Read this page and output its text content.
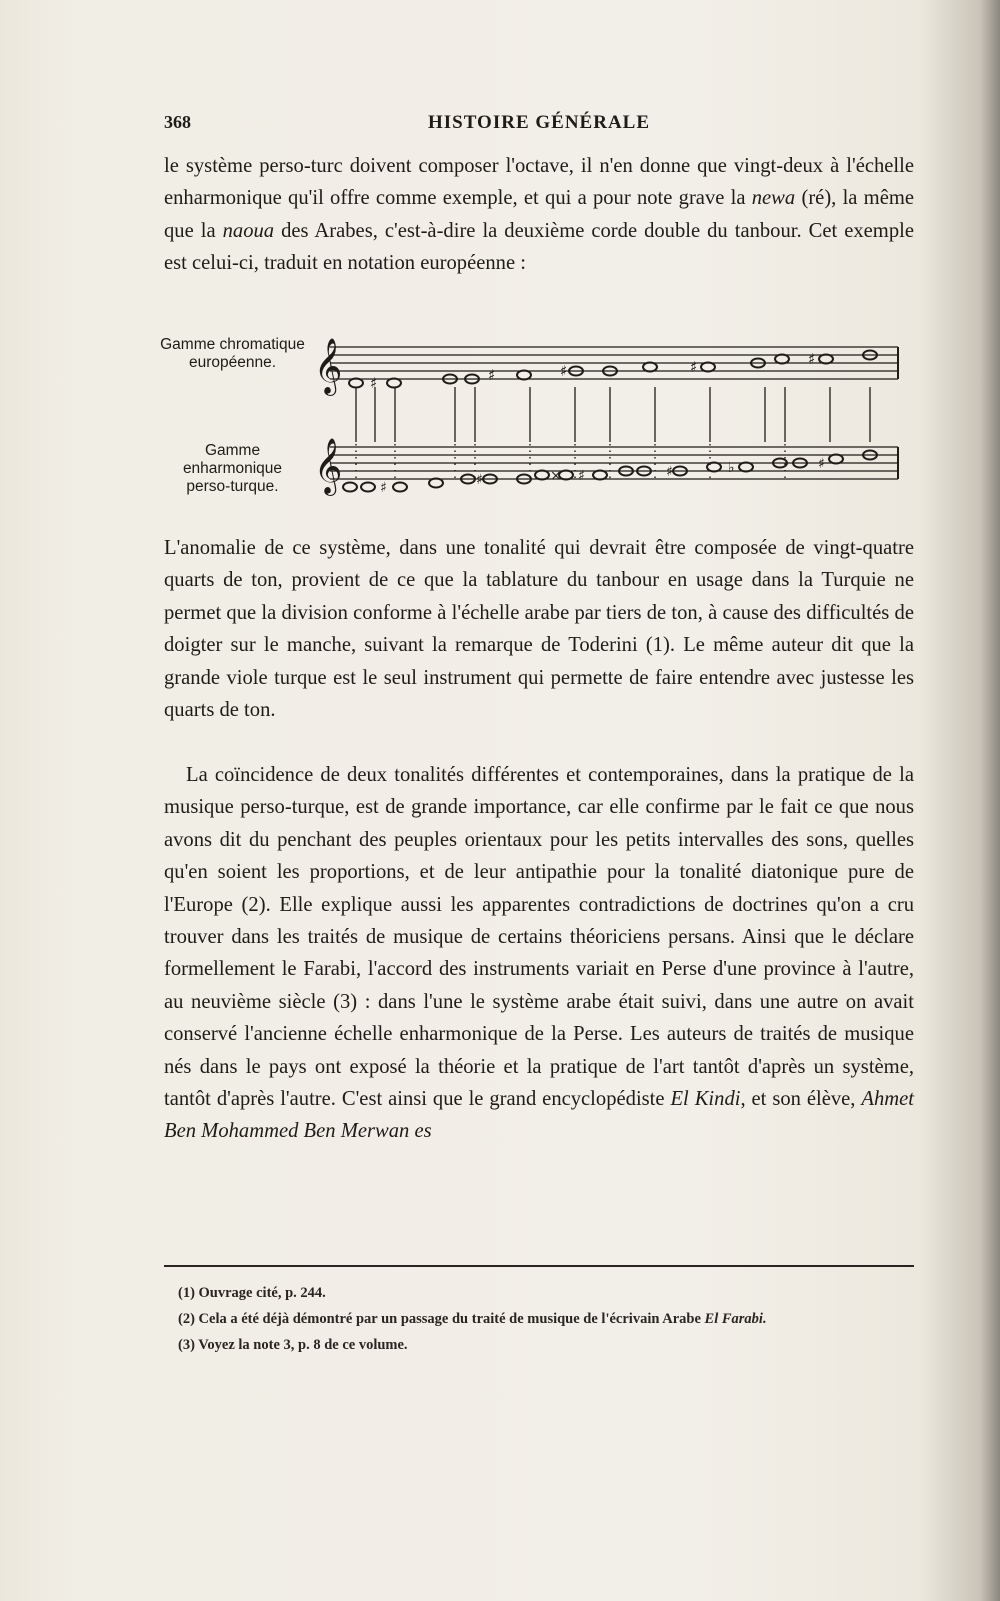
368	HISTOIRE GÉNÉRALE

le système perso-turc doivent composer l'octave, il n'en donne que vingt-deux à l'échelle enharmonique qu'il offre comme exemple, et qui a pour note grave la newa (ré), la même que la naoua des Arabes, c'est-à-dire la deuxième corde double du tanbour. Cet exemple est celui-ci, traduit en notation européenne :

Gamme chromatique européenne.
Gamme enharmonique perso-turque.
𝄞
𝄞
♯	♯	♯	♯	♯
♯	♯	× ♯	♯	♭	♯

L'anomalie de ce système, dans une tonalité qui devrait être composée de vingt-quatre quarts de ton, provient de ce que la tablature du tanbour en usage dans la Turquie ne permet que la division conforme à l'échelle arabe par tiers de ton, à cause des difficultés de doigter sur le manche, suivant la remarque de Toderini (1). Le même auteur dit que la grande viole turque est le seul instrument qui permette de faire entendre avec justesse les quarts de ton.

La coïncidence de deux tonalités différentes et contemporaines, dans la pratique de la musique perso-turque, est de grande importance, car elle confirme par le fait ce que nous avons dit du penchant des peuples orientaux pour les petits intervalles des sons, quelles qu'en soient les proportions, et de leur antipathie pour la tonalité diatonique pure de l'Europe (2). Elle explique aussi les apparentes contradictions de doctrines qu'on a cru trouver dans les traités de musique de certains théoriciens persans. Ainsi que le déclare formellement le Farabi, l'accord des instruments variait en Perse d'une province à l'autre, au neuvième siècle (3) : dans l'une le système arabe était suivi, dans une autre on avait conservé l'ancienne échelle enharmonique de la Perse. Les auteurs de traités de musique nés dans le pays ont exposé la théorie et la pratique de l'art tantôt d'après un système, tantôt d'après l'autre. C'est ainsi que le grand encyclopédiste El Kindi, et son élève, Ahmet Ben Mohammed Ben Merwan es

(1) Ouvrage cité, p. 244.

(2) Cela a été déjà démontré par un passage du traité de musique de l'écrivain Arabe El Farabi.

(3) Voyez la note 3, p. 8 de ce volume.
